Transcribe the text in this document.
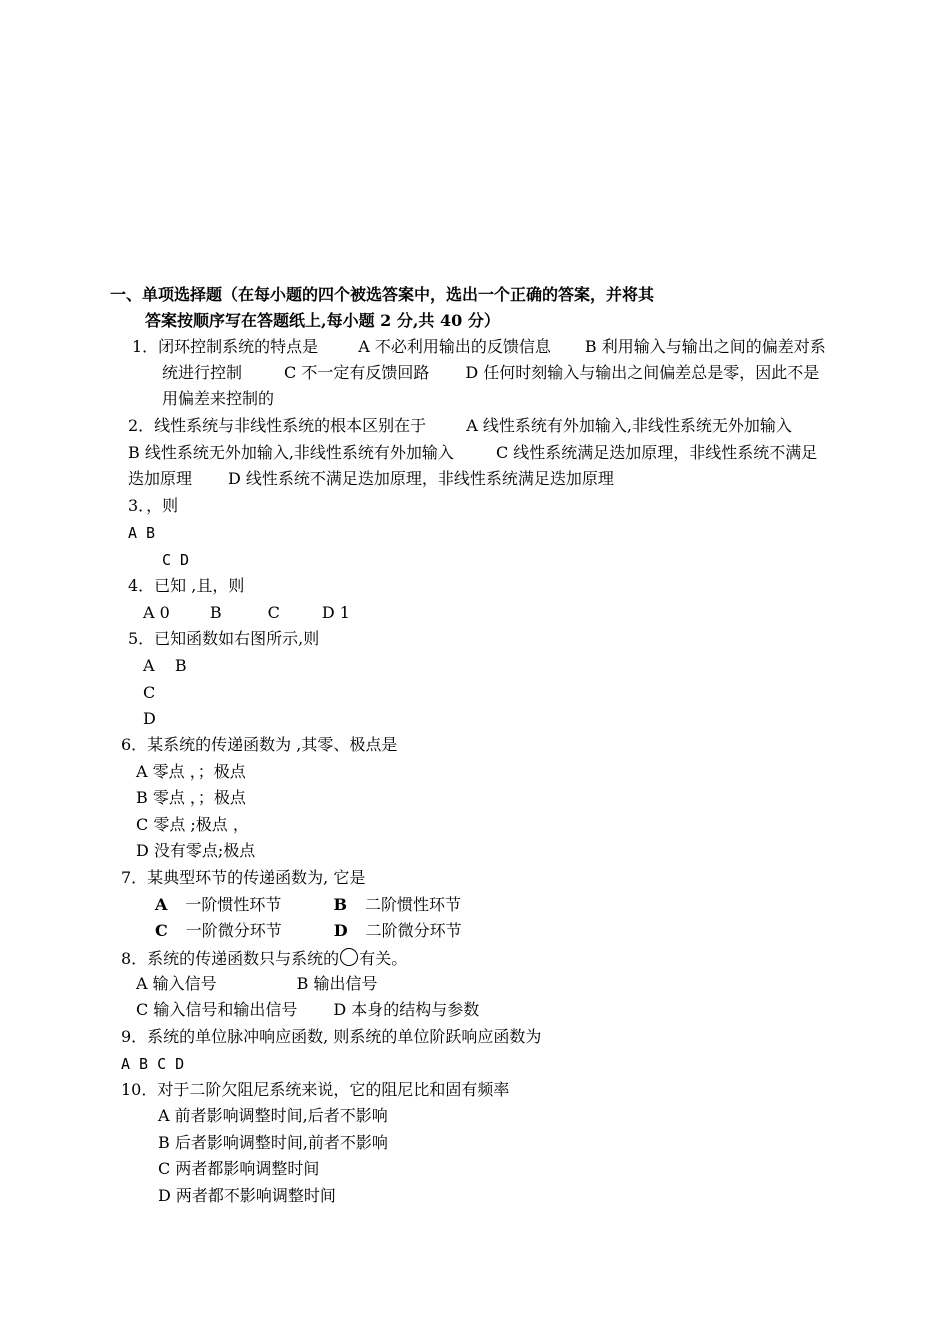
一、单项选择题（在每小题的四个被选答案中，选出一个正确的答案，并将其
答案按顺序写在答题纸上,每小题 2 分,共 40 分）
1．闭环控制系统的特点是	A 不必利用输出的反馈信息 B 利用输入与输出之间的偏差对系
统进行控制	C 不一定有反馈回路 D 任何时刻输入与输出之间偏差总是零，因此不是
用偏差来控制的
2．线性系统与非线性系统的根本区别在于	A 线性系统有外加输入,非线性系统无外加输入
B 线性系统无外加输入,非线性系统有外加输入	C 线性系统满足迭加原理，非线性系统不满足
迭加原理 D 线性系统不满足迭加原理，非线性系统满足迭加原理
3．，则
A B
C D
4．已知 ,且，则
A 0	B	C	D 1
5．已知函数如右图所示,则
A    B
C
D
6．某系统的传递函数为 ,其零、极点是
A 零点 ，；极点
B 零点 ，；极点
C 零点 ;极点 ，
D 没有零点;极点
7．某典型环节的传递函数为, 它是
A 一阶惯性环节	B 二阶惯性环节
C 一阶微分环节	D 二阶微分环节
8．系统的传递函数只与系统的 有关。
A 输入信号	B 输出信号
C 输入信号和输出信号 D 本身的结构与参数
9．系统的单位脉冲响应函数, 则系统的单位阶跃响应函数为
A B C D
10．对于二阶欠阻尼系统来说，它的阻尼比和固有频率
A 前者影响调整时间,后者不影响
B 后者影响调整时间,前者不影响
C 两者都影响调整时间
D 两者都不影响调整时间
